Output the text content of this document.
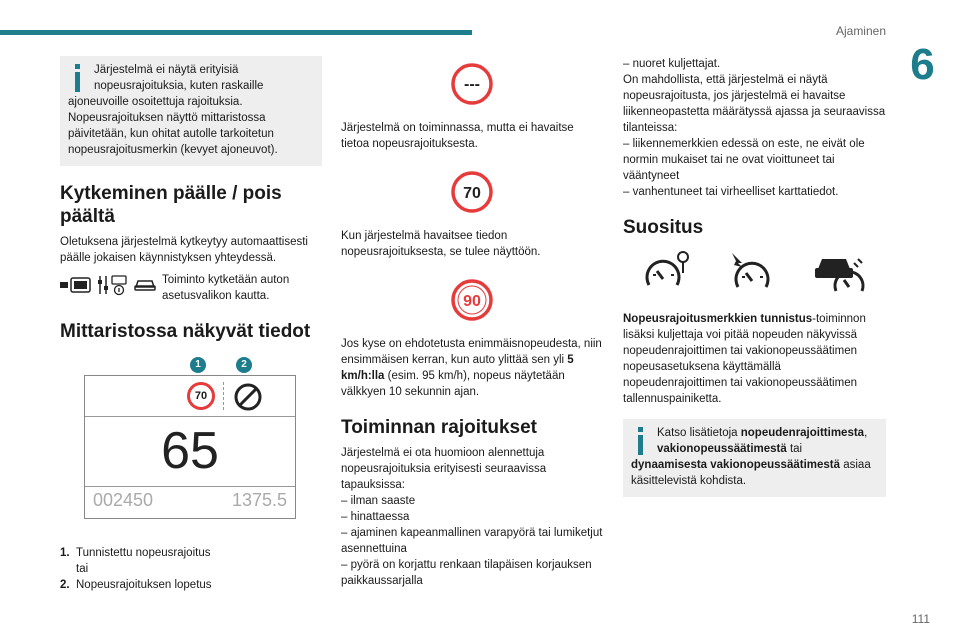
Ajaminen
6
Järjestelmä ei näytä erityisiä nopeusrajoituksia, kuten raskaille ajoneuvoille osoitettuja rajoituksia. Nopeusrajoituksen näyttö mittaristossa päivitetään, kun ohitat autolle tarkoitetun nopeusrajoitusmerkin (kevyet ajoneuvot).
Kytkeminen päälle / pois päältä

Oletuksena järjestelmä kytkeytyy automaattisesti päälle jokaisen käynnistyksen yhteydessä.

Toiminto kytketään auton asetusvalikon kautta.
Mittaristossa näkyvät tiedot
1	2
70
65
002450	1375.5
1. Tunnistettu nopeusrajoitus
tai
2. Nopeusrajoituksen lopetus
---

Järjestelmä on toiminnassa, mutta ei havaitse tietoa nopeusrajoituksesta.

70

Kun järjestelmä havaitsee tiedon nopeusrajoituksesta, se tulee näyttöön.

90

Jos kyse on ehdotetusta enimmäisnopeudesta, niin ensimmäisen kerran, kun auto ylittää sen yli 5 km/h:lla (esim. 95 km/h), nopeus näytetään välkkyen 10 sekunnin ajan.

Toiminnan rajoitukset

Järjestelmä ei ota huomioon alennettuja nopeusrajoituksia erityisesti seuraavissa tapauksissa:

– ilman saaste
– hinattaessa
– ajaminen kapeanmallinen varapyörä tai lumiketjut asennettuina
– pyörä on korjattu renkaan tilapäisen korjauksen paikkaussarjalla
– nuoret kuljettajat.

On mahdollista, että järjestelmä ei näytä nopeusrajoitusta, jos järjestelmä ei havaitse liikenneopastetta määrätyssä ajassa ja seuraavissa tilanteissa:

– liikennemerkkien edessä on este, ne eivät ole normin mukaiset tai ne ovat vioittuneet tai vääntyneet
– vanhentuneet tai virheelliset karttatiedot.
Suositus

Nopeusrajoitusmerkkien tunnistus-toiminnon lisäksi kuljettaja voi pitää nopeuden näkyvissä nopeudenrajoittimen tai vakionopeussäätimen nopeusasetuksena käyttämällä nopeudenrajoittimen tai vakionopeussäätimen tallennuspainiketta.

Katso lisätietoja nopeudenrajoittimesta, vakionopeussäätimestä tai dynaamisesta vakionopeussäätimestä asiaa käsittelevistä kohdista.
111
